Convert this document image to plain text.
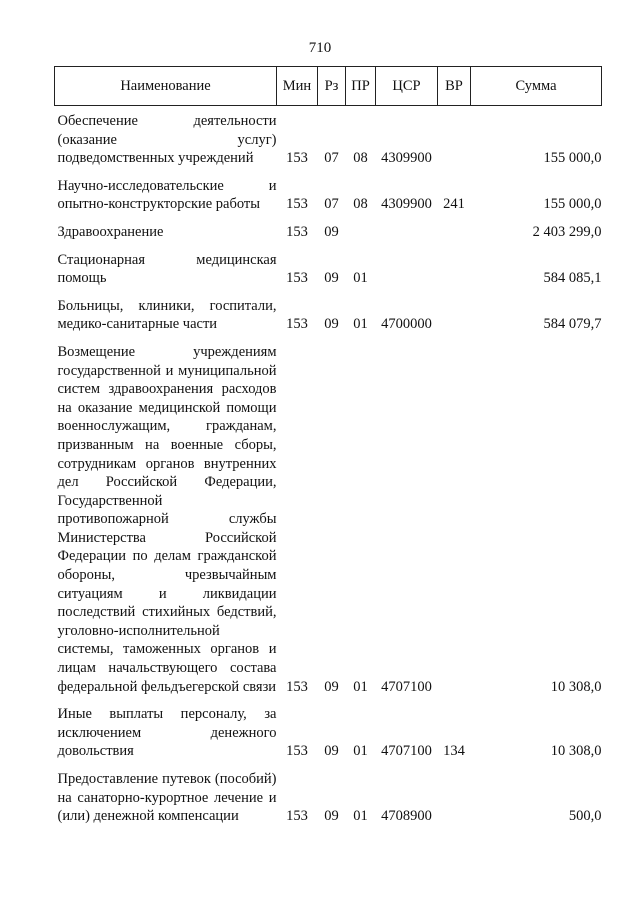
710
Наименование	Мин	Рз	ПР	ЦСР	ВР	Сумма
Обеспечение деятельности (оказание услуг) подведомственных учреждений	153	07	08	4309900		155 000,0
Научно-исследовательские и опытно-конструкторские работы	153	07	08	4309900	241	155 000,0
Здравоохранение	153	09				2 403 299,0
Стационарная медицинская помощь	153	09	01			584 085,1
Больницы, клиники, госпитали, медико-санитарные части	153	09	01	4700000		584 079,7
Возмещение учреждениям государственной и муниципальной систем здравоохранения расходов на оказание медицинской помощи военнослужащим, гражданам, призванным на военные сборы, сотрудникам органов внутренних дел Российской Федерации, Государственной противопожарной службы Министерства Российской Федерации по делам гражданской обороны, чрезвычайным ситуациям и ликвидации последствий стихийных бедствий, уголовно-исполнительной системы, таможенных органов и лицам начальствующего состава федеральной фельдъегерской связи	153	09	01	4707100		10 308,0
Иные выплаты персоналу, за исключением денежного довольствия	153	09	01	4707100	134	10 308,0
Предоставление путевок (пособий) на санаторно-курортное лечение и (или) денежной компенсации	153	09	01	4708900		500,0
